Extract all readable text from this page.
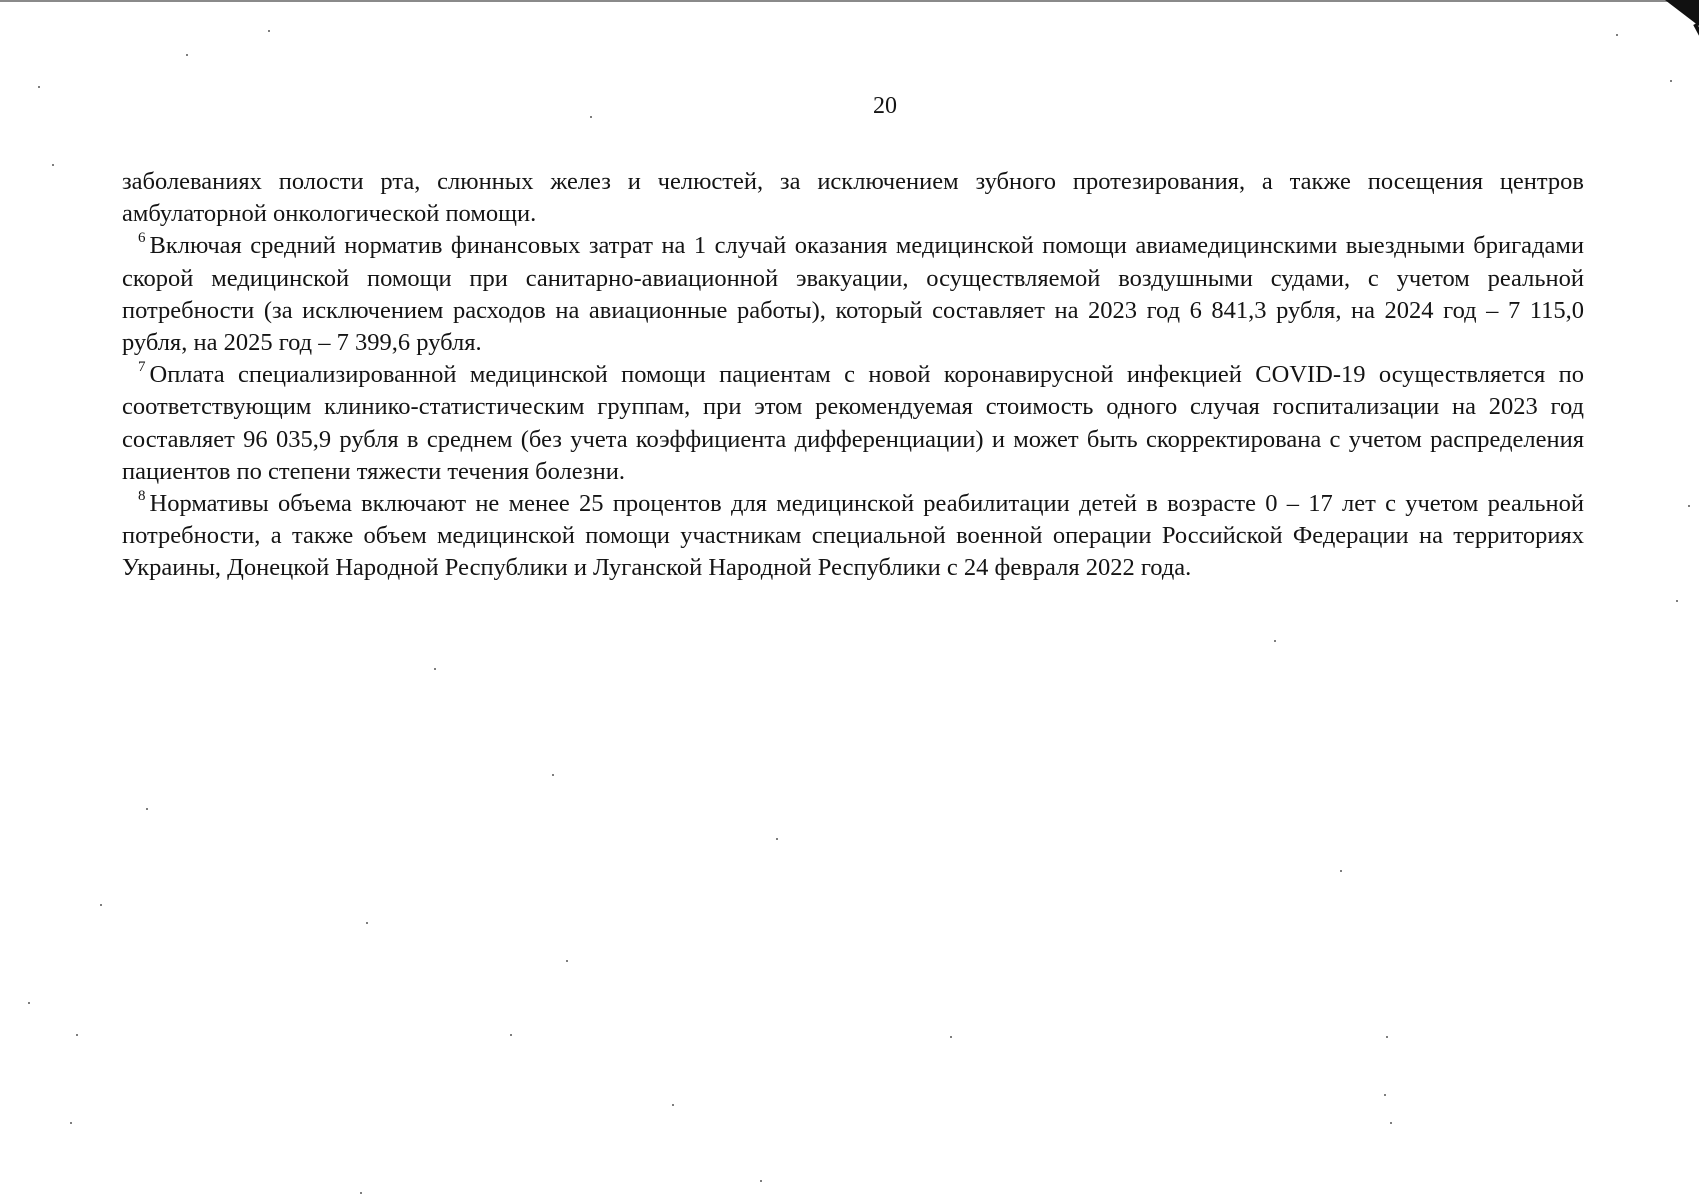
20

заболеваниях полости рта, слюнных желез и челюстей, за исключением зубного протезирования, а также посещения центров амбулаторной онкологической помощи.

$^6$ Включая средний норматив финансовых затрат на 1 случай оказания медицинской помощи авиамедицинскими выездными бригадами скорой медицинской помощи при санитарно-авиационной эвакуации, осуществляемой воздушными судами, с учетом реальной потребности (за исключением расходов на авиационные работы), который составляет на 2023 год 6 841,3 рубля, на 2024 год – 7 115,0 рубля, на 2025 год – 7 399,6 рубля.

$^7$ Оплата специализированной медицинской помощи пациентам с новой коронавирусной инфекцией COVID-19 осуществляется по соответствующим клинико-статистическим группам, при этом рекомендуемая стоимость одного случая госпитализации на 2023 год составляет 96 035,9 рубля в среднем (без учета коэффициента дифференциации) и может быть скорректирована с учетом распределения пациентов по степени тяжести течения болезни.

$^8$ Нормативы объема включают не менее 25 процентов для медицинской реабилитации детей в возрасте 0 – 17 лет с учетом реальной потребности, а также объем медицинской помощи участникам специальной военной операции Российской Федерации на территориях Украины, Донецкой Народной Республики и Луганской Народной Республики с 24 февраля 2022 года.
